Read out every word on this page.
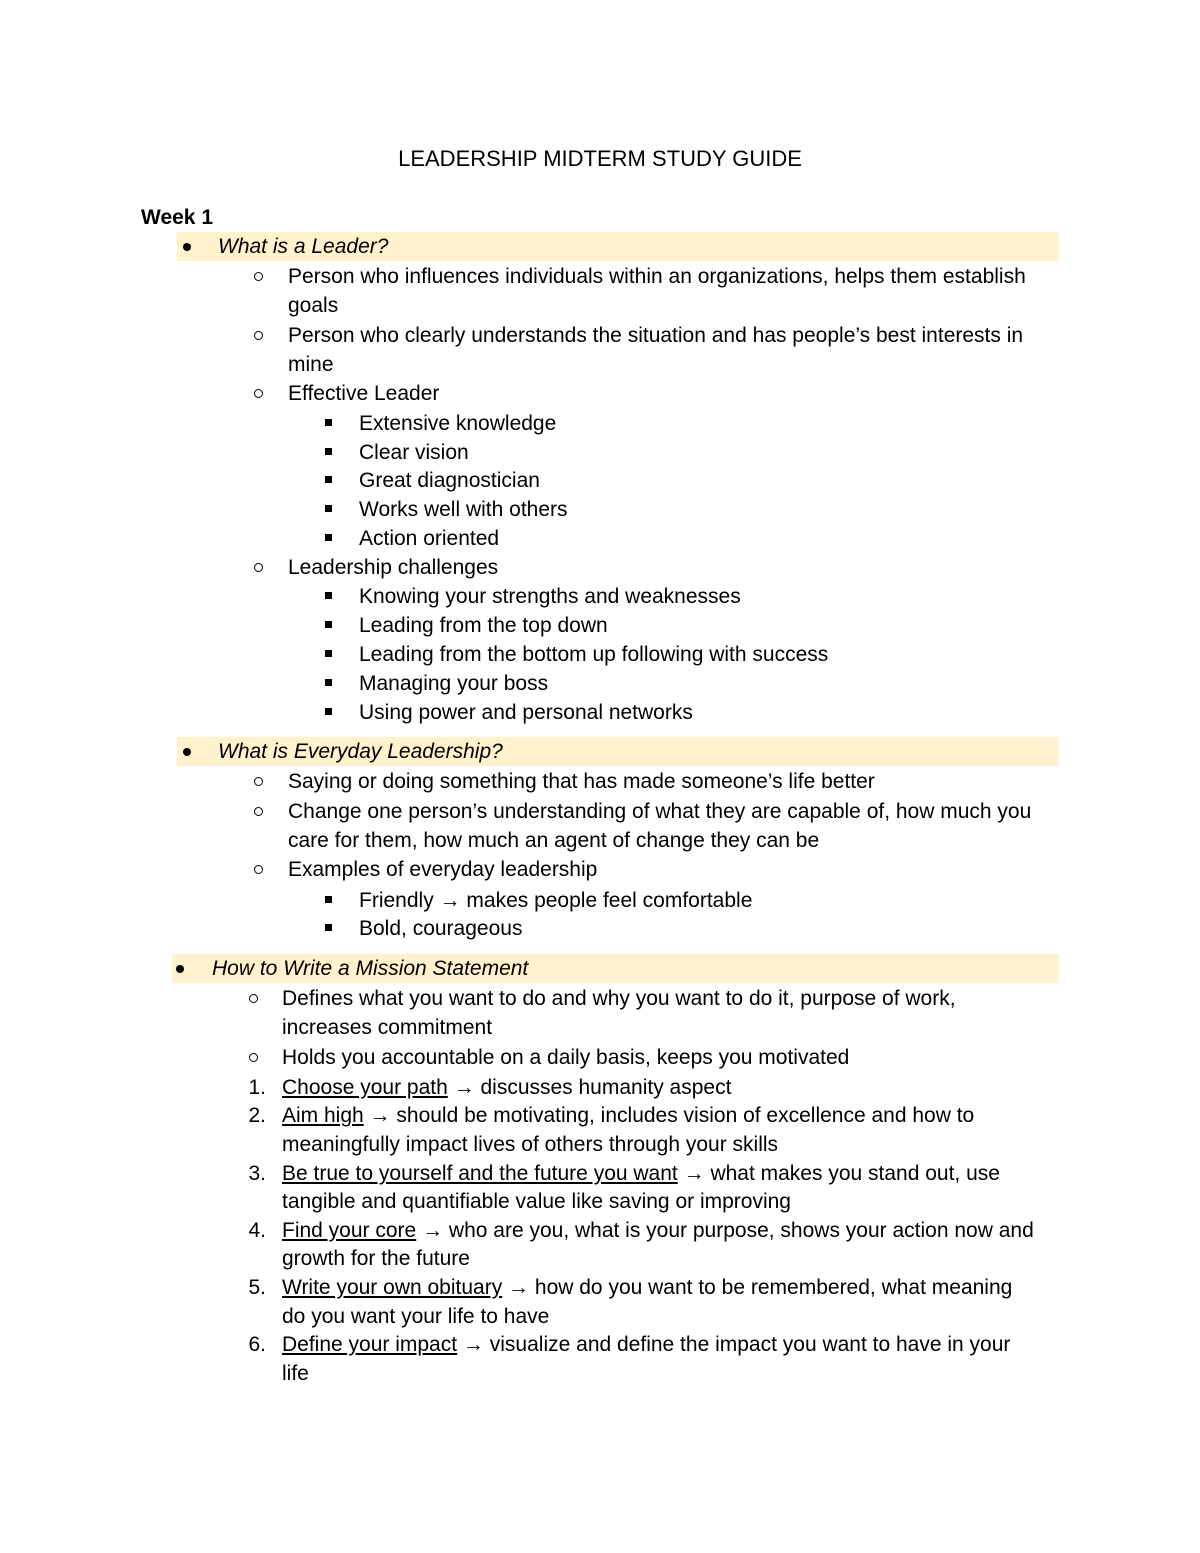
LEADERSHIP MIDTERM STUDY GUIDE
Week 1
What is a Leader?
Person who influences individuals within an organizations, helps them establish
goals
Person who clearly understands the situation and has people’s best interests in
mine
Effective Leader
Extensive knowledge
Clear vision
Great diagnostician
Works well with others
Action oriented
Leadership challenges
Knowing your strengths and weaknesses
Leading from the top down
Leading from the bottom up following with success
Managing your boss
Using power and personal networks
What is Everyday Leadership?
Saying or doing something that has made someone’s life better
Change one person’s understanding of what they are capable of, how much you
care for them, how much an agent of change they can be
Examples of everyday leadership
Friendly → makes people feel comfortable
Bold, courageous
How to Write a Mission Statement
Defines what you want to do and why you want to do it, purpose of work,
increases commitment
Holds you accountable on a daily basis, keeps you motivated
1. Choose your path → discusses humanity aspect
2. Aim high → should be motivating, includes vision of excellence and how to
meaningfully impact lives of others through your skills
3. Be true to yourself and the future you want → what makes you stand out, use
tangible and quantifiable value like saving or improving
4. Find your core → who are you, what is your purpose, shows your action now and
growth for the future
5. Write your own obituary → how do you want to be remembered, what meaning
do you want your life to have
6. Define your impact → visualize and define the impact you want to have in your
life
